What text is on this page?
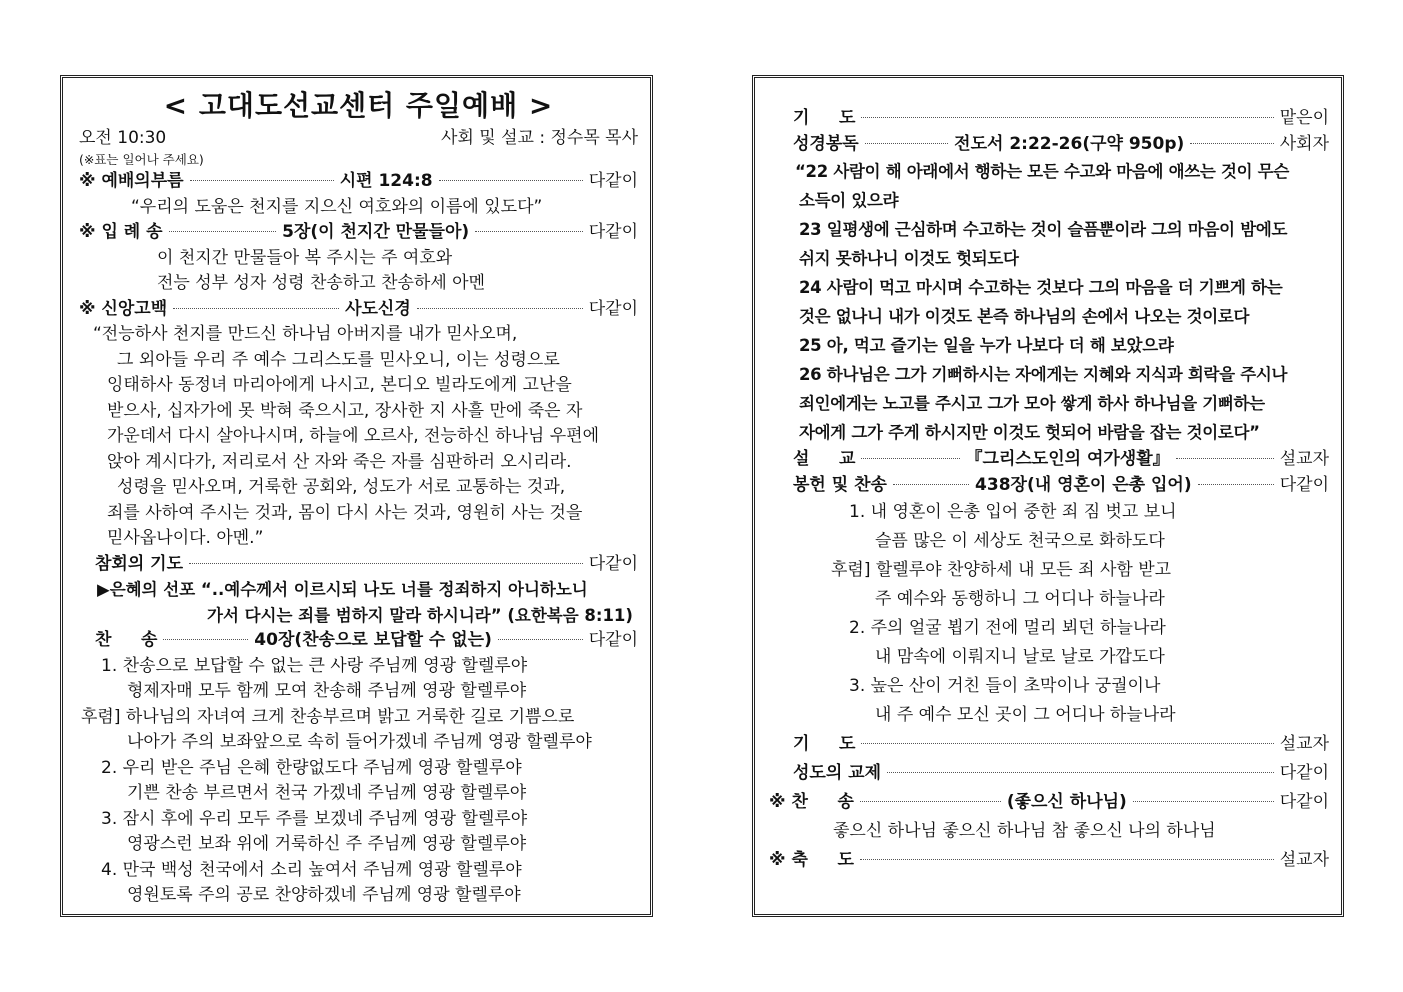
< 고대도선교센터 주일예배 >
오전 10:30	사회 및 설교 : 정수목 목사
(※표는 일어나 주세요)
※ 예배의부름	시편 124:8	다같이
“우리의 도움은 천지를 지으신 여호와의 이름에 있도다”
※ 입 례 송	5장(이 천지간 만물들아)	다같이
이 천지간 만물들아 복 주시는 주 여호와
전능 성부 성자 성령 찬송하고 찬송하세 아멘
※ 신앙고백	사도신경	다같이
“전능하사 천지를 만드신 하나님 아버지를 내가 믿사오며,
그 외아들 우리 주 예수 그리스도를 믿사오니, 이는 성령으로
잉태하사 동정녀 마리아에게 나시고, 본디오 빌라도에게 고난을
받으사, 십자가에 못 박혀 죽으시고, 장사한 지 사흘 만에 죽은 자
가운데서 다시 살아나시며, 하늘에 오르사, 전능하신 하나님 우편에
앉아 계시다가, 저리로서 산 자와 죽은 자를 심판하러 오시리라.
성령을 믿사오며, 거룩한 공회와, 성도가 서로 교통하는 것과,
죄를 사하여 주시는 것과, 몸이 다시 사는 것과, 영원히 사는 것을
믿사옵나이다. 아멘.”
참회의 기도	다같이
▶은혜의 선포 “..예수께서 이르시되 나도 너를 정죄하지 아니하노니
가서 다시는 죄를 범하지 말라 하시니라” (요한복음 8:11)
찬     송	40장(찬송으로 보답할 수 없는)	다같이
1. 찬송으로 보답할 수 없는 큰 사랑 주님께 영광 할렐루야
형제자매 모두 함께 모여 찬송해 주님께 영광 할렐루야
후렴] 하나님의 자녀여 크게 찬송부르며 밝고 거룩한 길로 기쁨으로
나아가 주의 보좌앞으로 속히 들어가겠네 주님께 영광 할렐루야
2. 우리 받은 주님 은혜 한량없도다 주님께 영광 할렐루야
기쁜 찬송 부르면서 천국 가겠네 주님께 영광 할렐루야
3. 잠시 후에 우리 모두 주를 보겠네 주님께 영광 할렐루야
영광스런 보좌 위에 거룩하신 주 주님께 영광 할렐루야
4. 만국 백성 천국에서 소리 높여서 주님께 영광 할렐루야
영원토록 주의 공로 찬양하겠네 주님께 영광 할렐루야
기     도	맡은이
성경봉독	전도서 2:22-26(구약 950p)	사회자
“22 사람이 해 아래에서 행하는 모든 수고와 마음에 애쓰는 것이 무슨
소득이 있으랴
23 일평생에 근심하며 수고하는 것이 슬픔뿐이라 그의 마음이 밤에도
쉬지 못하나니 이것도 헛되도다
24 사람이 먹고 마시며 수고하는 것보다 그의 마음을 더 기쁘게 하는
것은 없나니 내가 이것도 본즉 하나님의 손에서 나오는 것이로다
25 아, 먹고 즐기는 일을 누가 나보다 더 해 보았으랴
26 하나님은 그가 기뻐하시는 자에게는 지혜와 지식과 희락을 주시나
죄인에게는 노고를 주시고 그가 모아 쌓게 하사 하나님을 기뻐하는
자에게 그가 주게 하시지만 이것도 헛되어 바람을 잡는 것이로다”
설     교	『그리스도인의 여가생활』	설교자
봉헌 및 찬송	438장(내 영혼이 은총 입어)	다같이
1. 내 영혼이 은총 입어 중한 죄 짐 벗고 보니
슬픔 많은 이 세상도 천국으로 화하도다
후렴] 할렐루야 찬양하세 내 모든 죄 사함 받고
주 예수와 동행하니 그 어디나 하늘나라
2. 주의 얼굴 뵙기 전에 멀리 뵈던 하늘나라
내 맘속에 이뤄지니 날로 날로 가깝도다
3. 높은 산이 거친 들이 초막이나 궁궐이나
내 주 예수 모신 곳이 그 어디나 하늘나라
기     도	설교자
성도의 교제	다같이
※ 찬     송	(좋으신 하나님)	다같이
좋으신 하나님 좋으신 하나님 참 좋으신 나의 하나님
※ 축     도	설교자
